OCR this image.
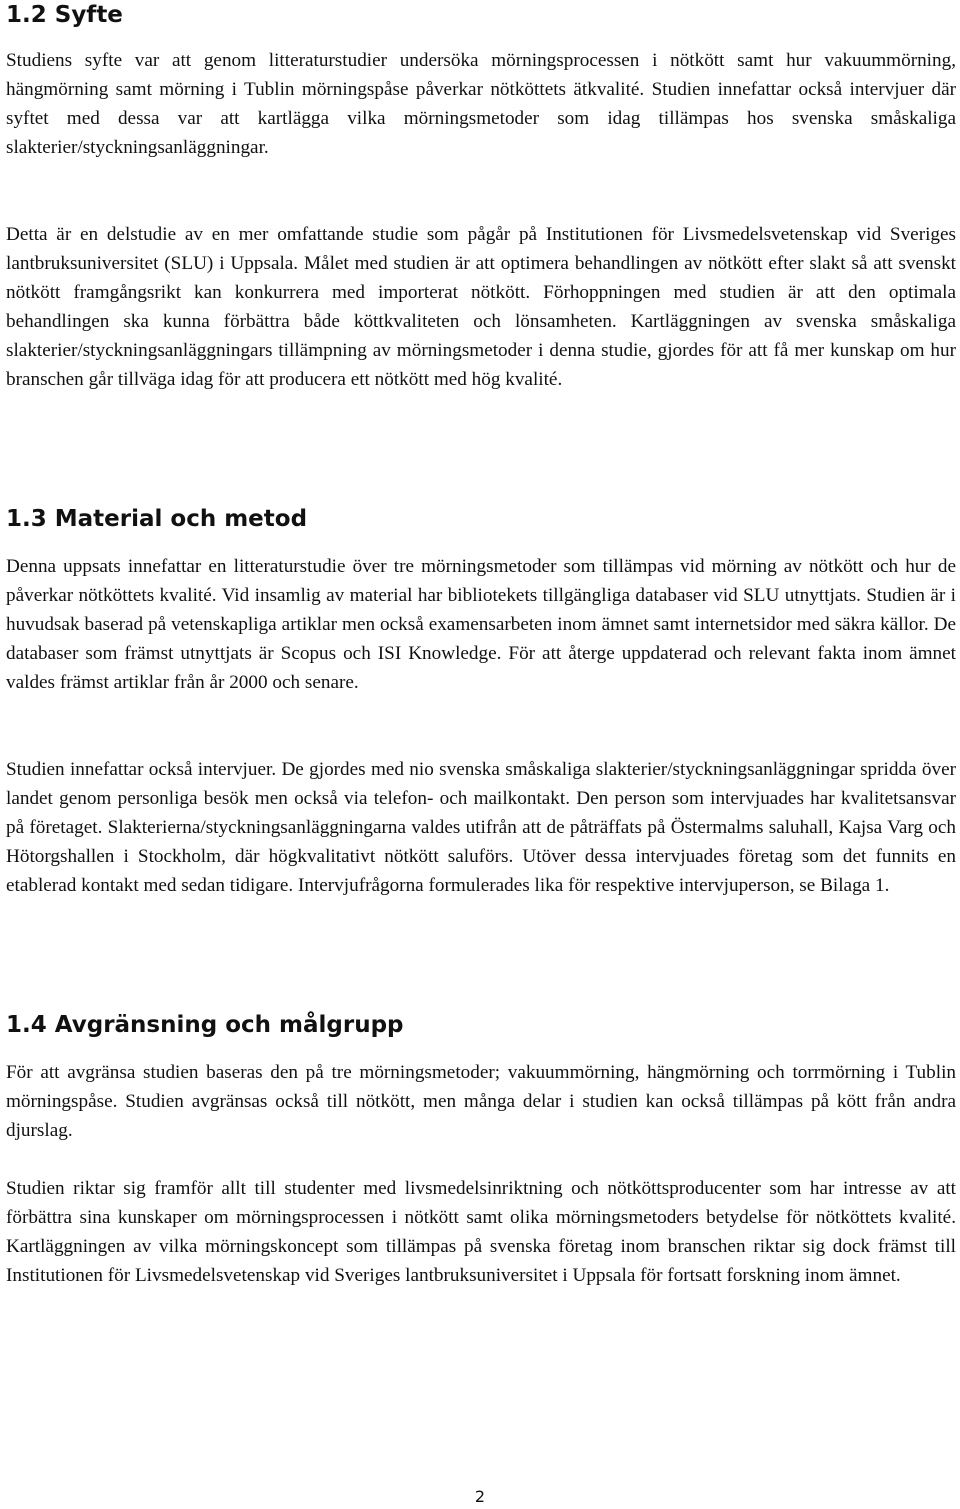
1.2 Syfte

Studiens syfte var att genom litteraturstudier undersöka mörningsprocessen i nötkött samt hur vakuummörning, hängmörning samt mörning i Tublin mörningspåse påverkar nötköttets ätkvalité. Studien innefattar också intervjuer där syftet med dessa var att kartlägga vilka mörningsmetoder som idag tillämpas hos svenska småskaliga slakterier/styckningsanläggningar.

Detta är en delstudie av en mer omfattande studie som pågår på Institutionen för Livsmedelsvetenskap vid Sveriges lantbruksuniversitet (SLU) i Uppsala. Målet med studien är att optimera behandlingen av nötkött efter slakt så att svenskt nötkött framgångsrikt kan konkurrera med importerat nötkött. Förhoppningen med studien är att den optimala behandlingen ska kunna förbättra både köttkvaliteten och lönsamheten. Kartläggningen av svenska småskaliga slakterier/styckningsanläggningars tillämpning av mörningsmetoder i denna studie, gjordes för att få mer kunskap om hur branschen går tillväga idag för att producera ett nötkött med hög kvalité.

1.3 Material och metod

Denna uppsats innefattar en litteraturstudie över tre mörningsmetoder som tillämpas vid mörning av nötkött och hur de påverkar nötköttets kvalité. Vid insamlig av material har bibliotekets tillgängliga databaser vid SLU utnyttjats. Studien är i huvudsak baserad på vetenskapliga artiklar men också examensarbeten inom ämnet samt internetsidor med säkra källor. De databaser som främst utnyttjats är Scopus och ISI Knowledge. För att återge uppdaterad och relevant fakta inom ämnet valdes främst artiklar från år 2000 och senare.

Studien innefattar också intervjuer. De gjordes med nio svenska småskaliga slakterier/styckningsanläggningar spridda över landet genom personliga besök men också via telefon- och mailkontakt. Den person som intervjuades har kvalitetsansvar på företaget. Slakterierna/styckningsanläggningarna valdes utifrån att de påträffats på Östermalms saluhall, Kajsa Varg och Hötorgshallen i Stockholm, där högkvalitativt nötkött saluförs. Utöver dessa intervjuades företag som det funnits en etablerad kontakt med sedan tidigare. Intervjufrågorna formulerades lika för respektive intervjuperson, se Bilaga 1.

1.4 Avgränsning och målgrupp

För att avgränsa studien baseras den på tre mörningsmetoder; vakuummörning, hängmörning och torrmörning i Tublin mörningspåse. Studien avgränsas också till nötkött, men många delar i studien kan också tillämpas på kött från andra djurslag.

Studien riktar sig framför allt till studenter med livsmedelsinriktning och nötköttsproducenter som har intresse av att förbättra sina kunskaper om mörningsprocessen i nötkött samt olika mörningsmetoders betydelse för nötköttets kvalité. Kartläggningen av vilka mörningskoncept som tillämpas på svenska företag inom branschen riktar sig dock främst till Institutionen för Livsmedelsvetenskap vid Sveriges lantbruksuniversitet i Uppsala för fortsatt forskning inom ämnet.

2
